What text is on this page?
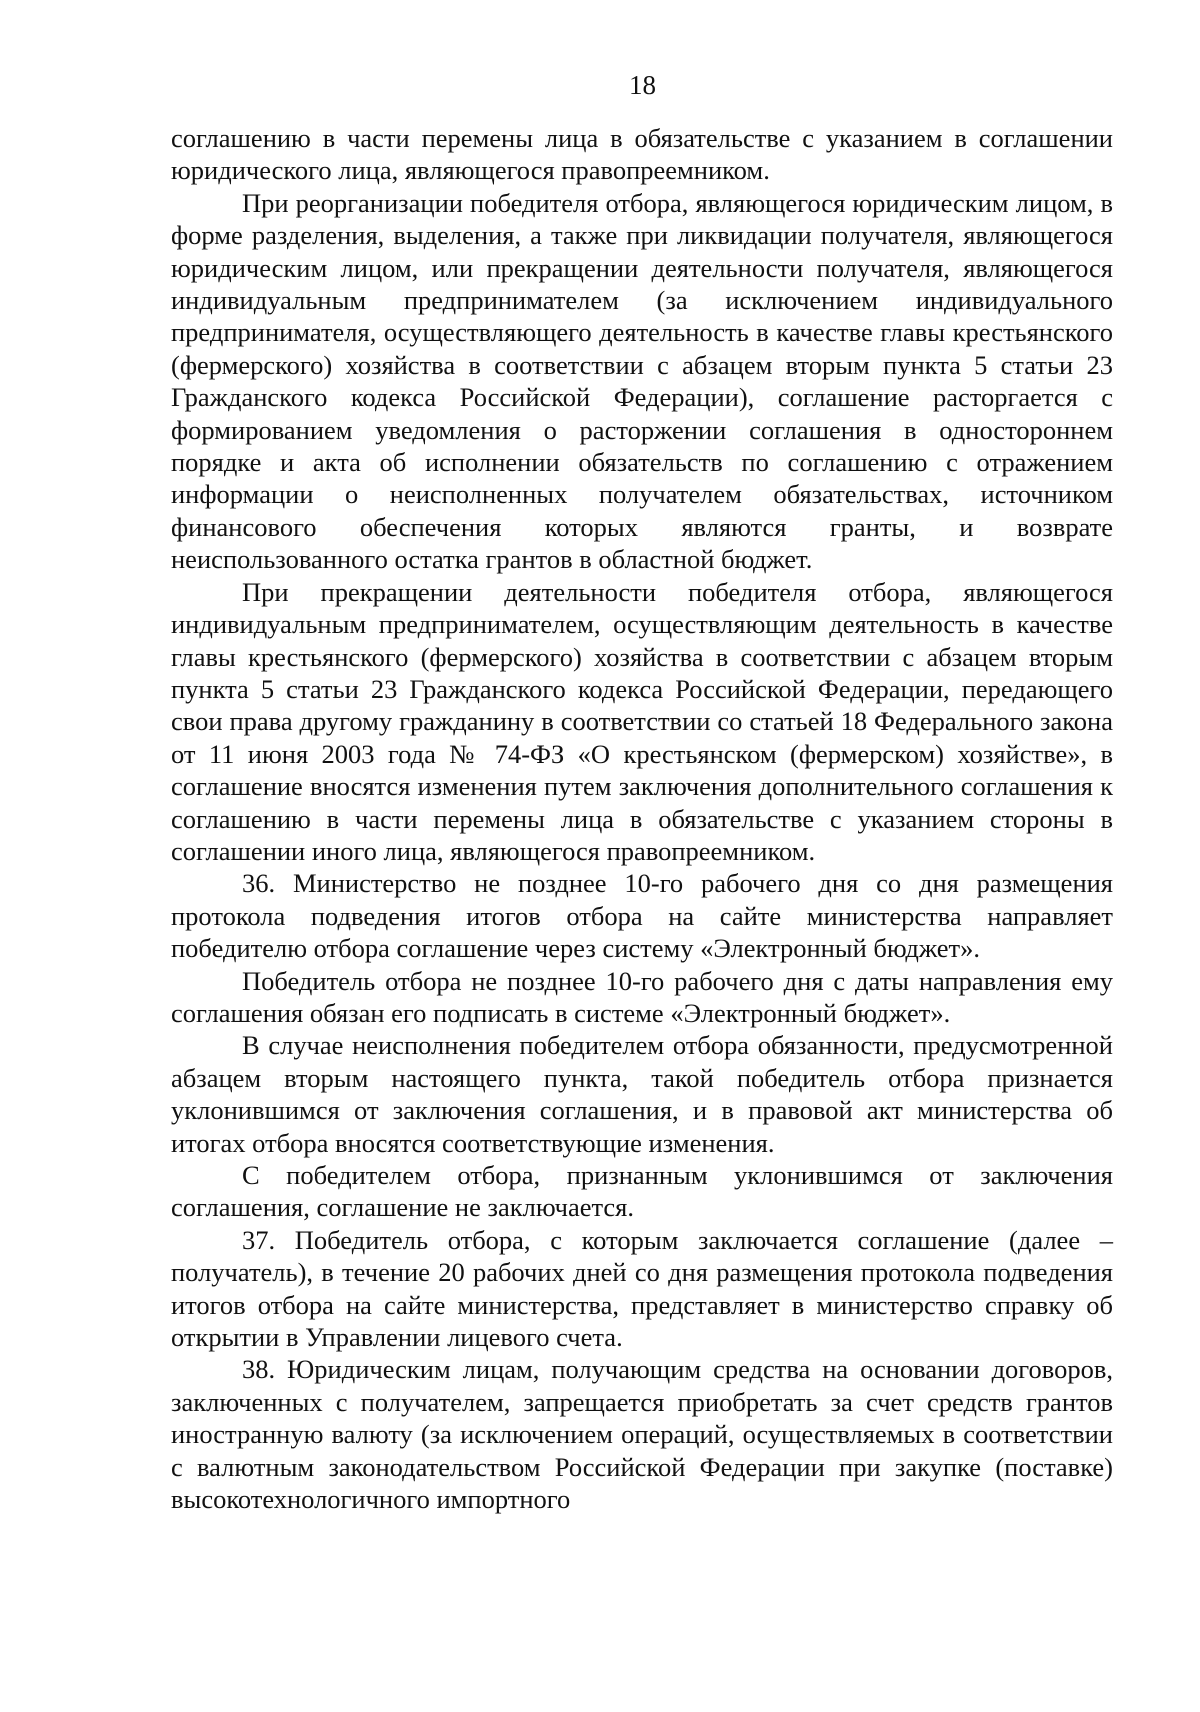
18

соглашению в части перемены лица в обязательстве с указанием в соглашении юридического лица, являющегося правопреемником.

При реорганизации победителя отбора, являющегося юридическим лицом, в форме разделения, выделения, а также при ликвидации получателя, являющегося юридическим лицом, или прекращении деятельности получателя, являющегося индивидуальным предпринимателем (за исключением индивидуального предпринимателя, осуществляющего деятельность в качестве главы крестьянского (фермерского) хозяйства в соответствии с абзацем вторым пункта 5 статьи 23 Гражданского кодекса Российской Федерации), соглашение расторгается с формированием уведомления о расторжении соглашения в одностороннем порядке и акта об исполнении обязательств по соглашению с отражением информации о неисполненных получателем обязательствах, источником финансового обеспечения которых являются гранты, и возврате неиспользованного остатка грантов в областной бюджет.

При прекращении деятельности победителя отбора, являющегося индивидуальным предпринимателем, осуществляющим деятельность в качестве главы крестьянского (фермерского) хозяйства в соответствии с абзацем вторым пункта 5 статьи 23 Гражданского кодекса Российской Федерации, передающего свои права другому гражданину в соответствии со статьей 18 Федерального закона от 11 июня 2003 года № 74-ФЗ «О крестьянском (фермерском) хозяйстве», в соглашение вносятся изменения путем заключения дополнительного соглашения к соглашению в части перемены лица в обязательстве с указанием стороны в соглашении иного лица, являющегося правопреемником.

36. Министерство не позднее 10-го рабочего дня со дня размещения протокола подведения итогов отбора на сайте министерства направляет победителю отбора соглашение через систему «Электронный бюджет».

Победитель отбора не позднее 10-го рабочего дня с даты направления ему соглашения обязан его подписать в системе «Электронный бюджет».

В случае неисполнения победителем отбора обязанности, предусмотренной абзацем вторым настоящего пункта, такой победитель отбора признается уклонившимся от заключения соглашения, и в правовой акт министерства об итогах отбора вносятся соответствующие изменения.

С победителем отбора, признанным уклонившимся от заключения соглашения, соглашение не заключается.

37. Победитель отбора, с которым заключается соглашение (далее – получатель), в течение 20 рабочих дней со дня размещения протокола подведения итогов отбора на сайте министерства, представляет в министерство справку об открытии в Управлении лицевого счета.

38. Юридическим лицам, получающим средства на основании договоров, заключенных с получателем, запрещается приобретать за счет средств грантов иностранную валюту (за исключением операций, осуществляемых в соответствии с валютным законодательством Российской Федерации при закупке (поставке) высокотехнологичного импортного
